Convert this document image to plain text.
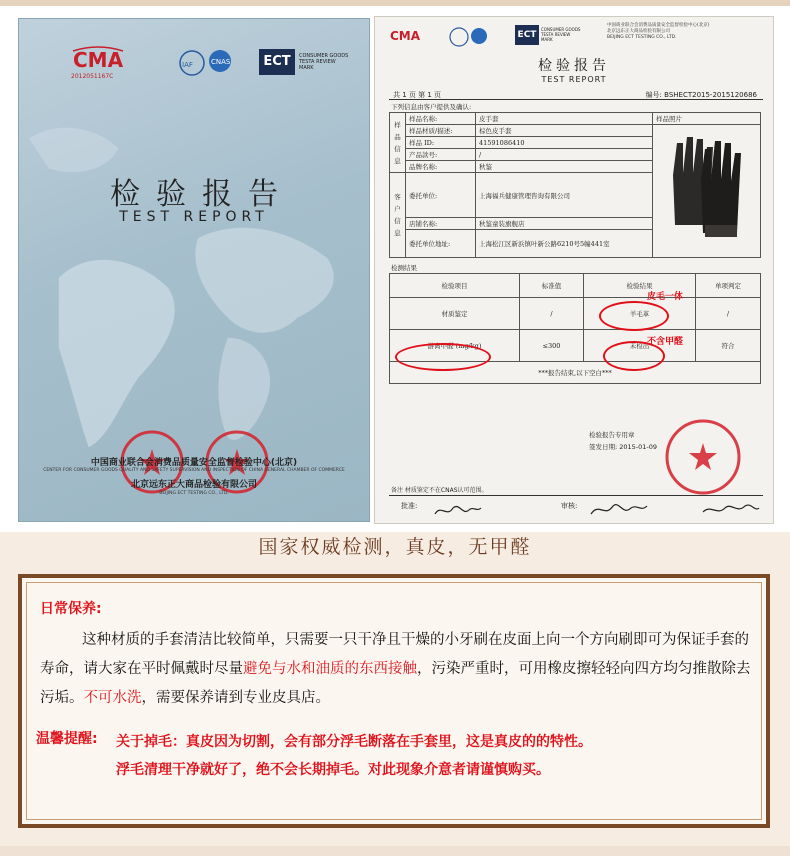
CMA
2012051167C
IAF	CNAS	ECT	CONSUMER GOODS
TESTA REVIEW
MARK
检验报告
TEST REPORT
中国商业联合会消费品质量安全监督检验中心(北京)
CENTER FOR CONSUMER GOODS QUALITY AND SAFETY SUPERVISION AND INSPECTION OF CHINA GENERAL CHAMBER OF COMMERCE
北京远东正大商品检验有限公司
BEIJING ECT TESTING CO., LTD.
CMA	ECT
CONSUMER GOODS
TESTA REVIEW
MARK
中国商业联合会消费品质量安全监督检验中心(北京)
北京远东正大商品检验有限公司
BEIJING ECT TESTING CO., LTD.
检验报告
TEST REPORT
共 1 页 第 1 页	编号: BSHECT2015-2015120686
下列信息由客户提供及确认:
样品信息	样品名称:	皮手套	样品照片
	样品材质/描述:	棕色皮手套	
	样品 ID:	41591086410	
	产品款号:	/	
	品牌名称:	秋鉴	
客户信息	委托单位:	上海福兵健康管理咨询有限公司	
	店铺名称:	秋鉴童装旗舰店	
	委托单位地址:	上海松江区新浜镇叶新公路6210号5幢441室	
检测结果
检验项目	标准值	检验结果	单项判定
材质鉴定	/	羊毛革	/
游离甲醛 (mg/kg)	≤300	未检出	符合
***报告结束,以下空白***			
皮毛一体
不含甲醛
检验报告专用章
签发日期: 2015-01-09
备注 材质鉴定不在CNAS认可范围。
批准:	审核:
国家权威检测，真皮，无甲醛
日常保养:
这种材质的手套清洁比较简单，只需要一只干净且干燥的小牙刷在皮面上向一个方向刷即可为保证手套的寿命，请大家在平时佩戴时尽量避免与水和油质的东西接触，污染严重时，可用橡皮擦轻轻向四方均匀推散除去污垢。不可水洗，需要保养请到专业皮具店。
温馨提醒: 关于掉毛：真皮因为切割，会有部分浮毛断落在手套里，这是真皮的的特性。
浮毛清理干净就好了，绝不会长期掉毛。对此现象介意者请谨慎购买。
